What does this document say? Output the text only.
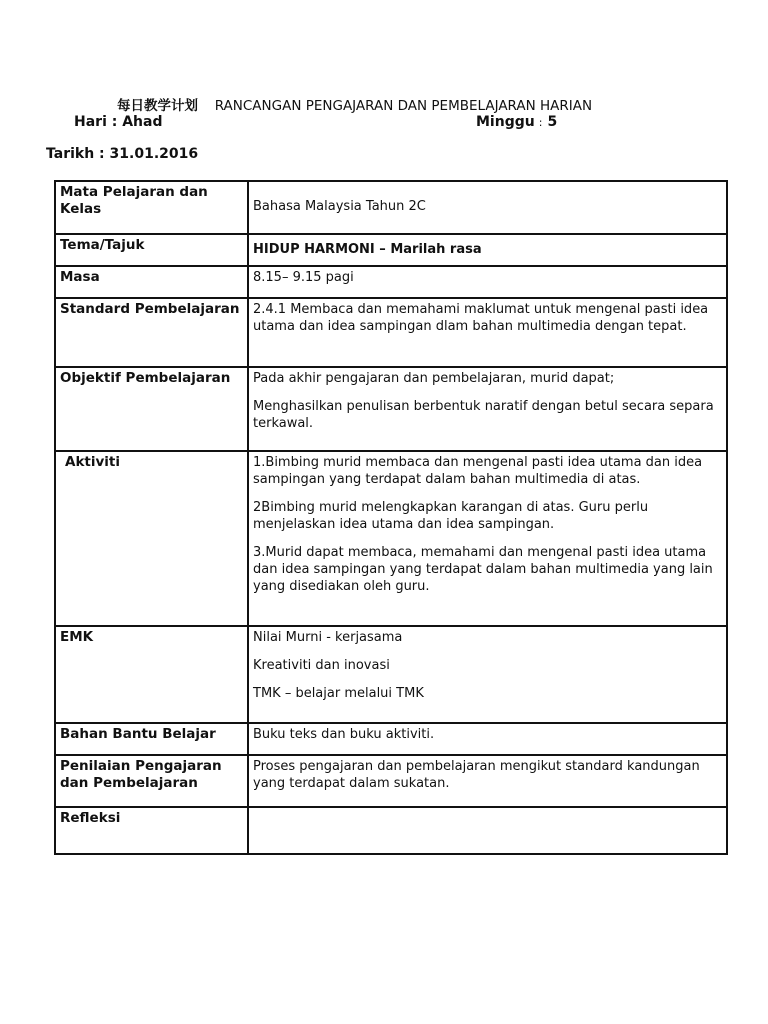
每日教学计划 RANCANGAN PENGAJARAN DAN PEMBELAJARAN HARIAN
Hari : Ahad	Minggu : 5
Tarikh : 31.01.2016
Mata Pelajaran dan Kelas	Bahasa Malaysia Tahun 2C

Tema/Tajuk	HIDUP HARMONI – Marilah rasa

Masa	8.15– 9.15 pagi

Standard Pembelajaran	2.4.1 Membaca dan memahami maklumat untuk mengenal pasti idea utama dan idea sampingan dlam bahan multimedia dengan tepat.

Objektif Pembelajaran	Pada akhir pengajaran dan pembelajaran, murid dapat;

Menghasilkan penulisan berbentuk naratif dengan betul secara separa terkawal.

Aktiviti	1.Bimbing murid membaca dan mengenal pasti idea utama dan idea sampingan yang terdapat dalam bahan multimedia di atas.

2Bimbing murid melengkapkan karangan di atas. Guru perlu menjelaskan idea utama dan idea sampingan.

3.Murid dapat membaca, memahami dan mengenal pasti idea utama dan idea sampingan yang terdapat dalam bahan multimedia yang lain yang disediakan oleh guru.

EMK	Nilai Murni - kerjasama

Kreativiti dan inovasi

TMK – belajar melalui TMK

Bahan Bantu Belajar	Buku teks dan buku aktiviti.

Penilaian Pengajaran dan Pembelajaran	Proses pengajaran dan pembelajaran mengikut standard kandungan yang terdapat dalam sukatan.

Refleksi	
